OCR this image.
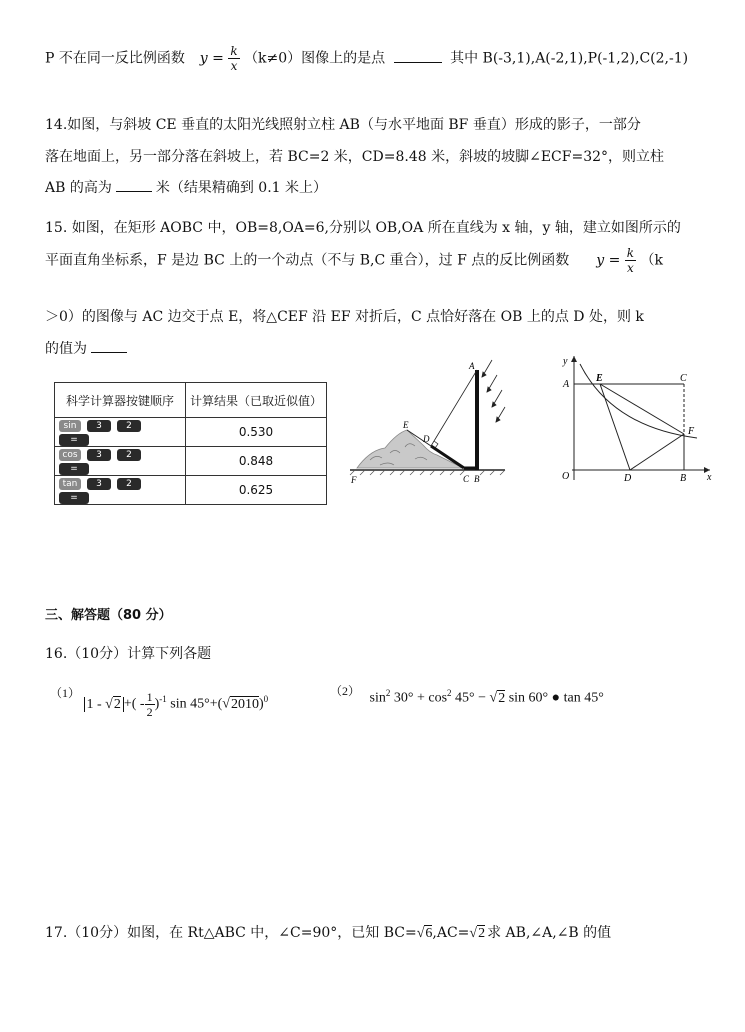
P 不在同一反比例函数 $y = \frac{k}{x} (k\ne 0)$图像上的是点	其中 B(-3,1),A(-2,1),P(-1,2),C(2,-1)
14.如图，与斜坡 CE 垂直的太阳光线照射立柱 AB（与水平地面 BF 垂直）形成的影子，一部分
落在地面上，另一部分落在斜坡上，若 BC=2 米，CD=8.48 米，斜坡的坡脚∠ECF=32°，则立柱
AB 的高为	米（结果精确到 0.1 米上）
15. 如图，在矩形 AOBC 中，OB=8,OA=6,分别以 OB,OA 所在直线为 x 轴，y 轴，建立如图所示的
平面直角坐标系，F 是边 BC 上的一个动点（不与 B,C 重合），过 F 点的反比例函数 $y = \frac{k}{x} (k$
＞0）的图像与 AC 边交于点 E，将△CEF 沿 EF 对折后，C 点恰好落在 OB 上的点 D 处，则 k
的值为
科学计算器按键顺序	计算结果（已取近似值）
sin 3 2=	0.530
cos 3 2=	0.848
tan 3 2=	0.625
A
E
D
F	C B
y
x
A
E	C
F
O	D	B
三、解答题（80 分）
16.（10分）计算下列各题
（1） 1 - √2 +( - $\frac{1}{2} )^{-1}$ $\sin 45^\circ+(√2010)^0$
（2） $\sin^2 30^\circ + \cos^2 45^\circ - √2$ sin 60° ● tan 45°
17.（10分）如图，在 Rt△ABC 中，∠C=90°，已知 BC=√6,AC=√2 求 AB,∠A,∠B 的值
